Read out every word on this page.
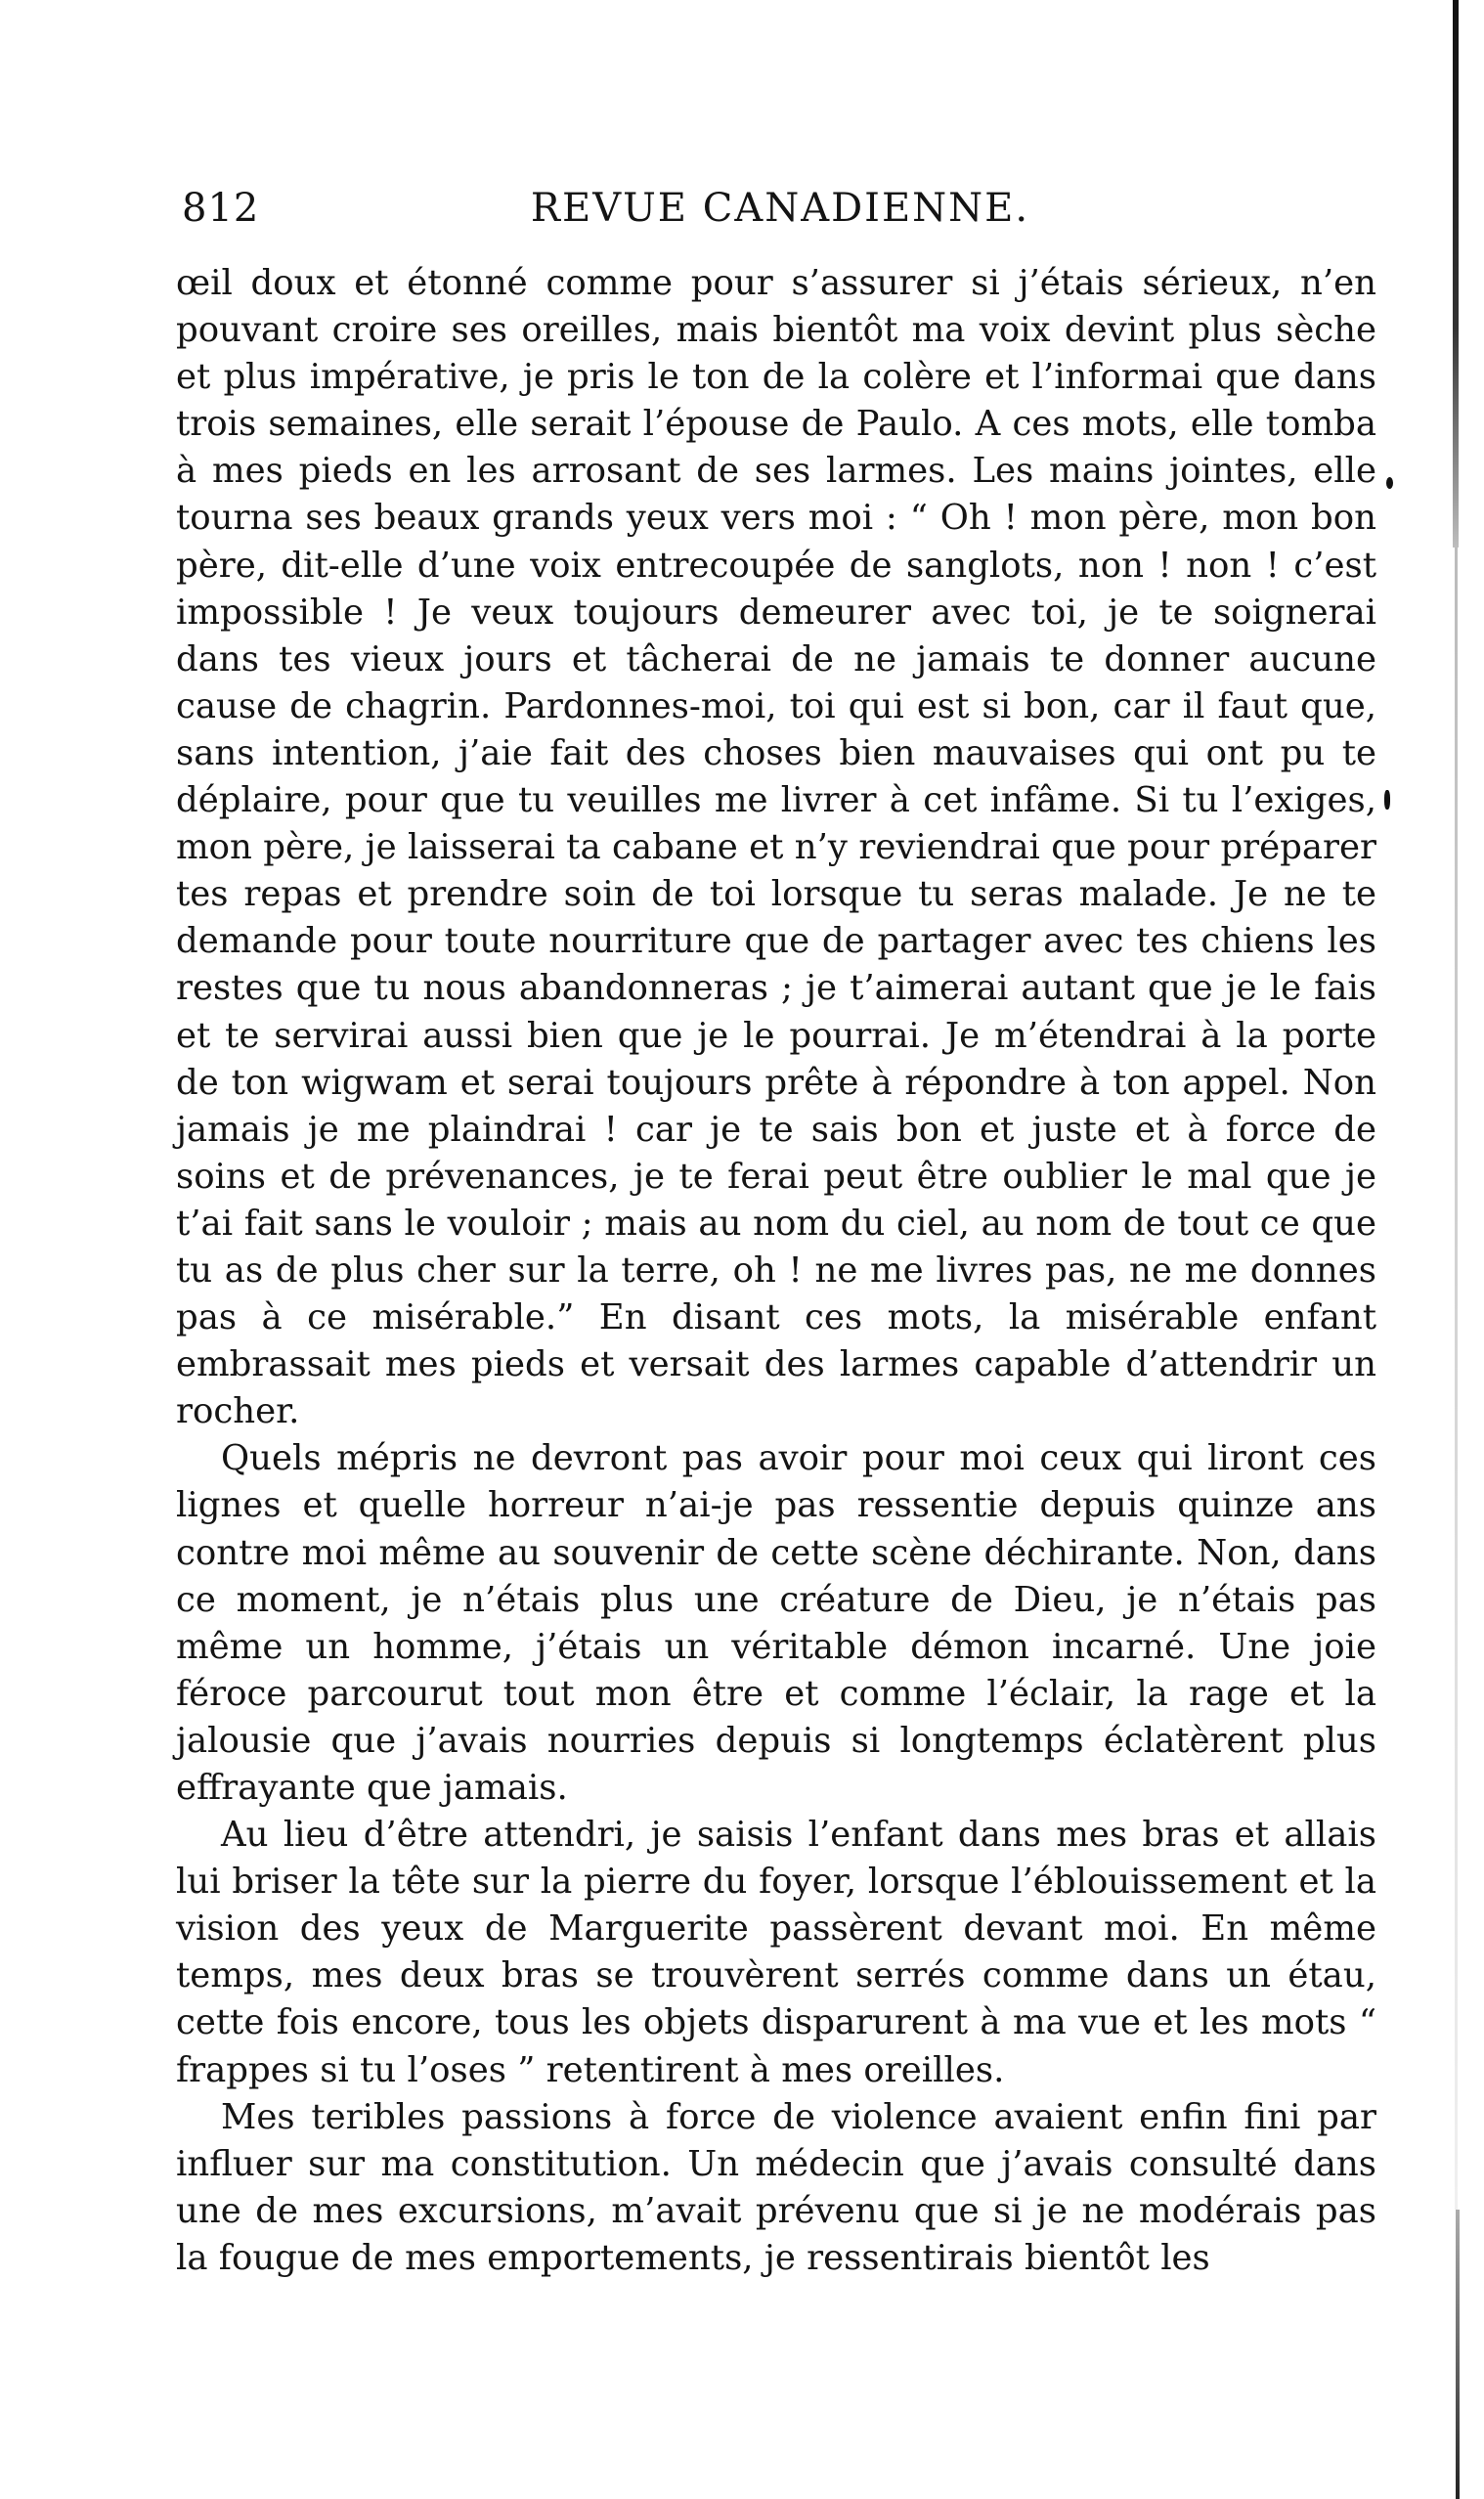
812	REVUE CANADIENNE.

œil doux et étonné comme pour s’assurer si j’étais sérieux, n’en pouvant croire ses oreilles, mais bientôt ma voix devint plus sèche et plus impérative, je pris le ton de la colère et l’informai que dans trois semaines, elle serait l’épouse de Paulo. A ces mots, elle tomba à mes pieds en les arrosant de ses larmes. Les mains jointes, elle tourna ses beaux grands yeux vers moi : “ Oh ! mon père, mon bon père, dit-elle d’une voix entrecoupée de sanglots, non ! non ! c’est impossible ! Je veux toujours demeurer avec toi, je te soignerai dans tes vieux jours et tâcherai de ne jamais te donner aucune cause de chagrin. Pardonnes-moi, toi qui est si bon, car il faut que, sans intention, j’aie fait des choses bien mauvaises qui ont pu te déplaire, pour que tu veuilles me livrer à cet infâme. Si tu l’exiges, mon père, je laisserai ta cabane et n’y reviendrai que pour préparer tes repas et prendre soin de toi lorsque tu seras malade. Je ne te demande pour toute nourriture que de partager avec tes chiens les restes que tu nous abandonneras ; je t’aimerai autant que je le fais et te servirai aussi bien que je le pourrai. Je m’étendrai à la porte de ton wigwam et serai toujours prête à répondre à ton appel. Non jamais je me plaindrai ! car je te sais bon et juste et à force de soins et de prévenances, je te ferai peut être oublier le mal que je t’ai fait sans le vouloir ; mais au nom du ciel, au nom de tout ce que tu as de plus cher sur la terre, oh ! ne me livres pas, ne me donnes pas à ce misérable.” En disant ces mots, la misérable enfant embrassait mes pieds et versait des larmes capable d’attendrir un rocher.

Quels mépris ne devront pas avoir pour moi ceux qui liront ces lignes et quelle horreur n’ai-je pas ressentie depuis quinze ans contre moi même au souvenir de cette scène déchirante. Non, dans ce moment, je n’étais plus une créature de Dieu, je n’étais pas même un homme, j’étais un véritable démon incarné. Une joie féroce parcourut tout mon être et comme l’éclair, la rage et la jalousie que j’avais nourries depuis si longtemps éclatèrent plus effrayante que jamais.

Au lieu d’être attendri, je saisis l’enfant dans mes bras et allais lui briser la tête sur la pierre du foyer, lorsque l’éblouissement et la vision des yeux de Marguerite passèrent devant moi. En même temps, mes deux bras se trouvèrent serrés comme dans un étau, cette fois encore, tous les objets disparurent à ma vue et les mots “ frappes si tu l’oses ” retentirent à mes oreilles.

Mes teribles passions à force de violence avaient enfin fini par influer sur ma constitution. Un médecin que j’avais consulté dans une de mes excursions, m’avait prévenu que si je ne modérais pas la fougue de mes emportements, je ressentirais bientôt les
